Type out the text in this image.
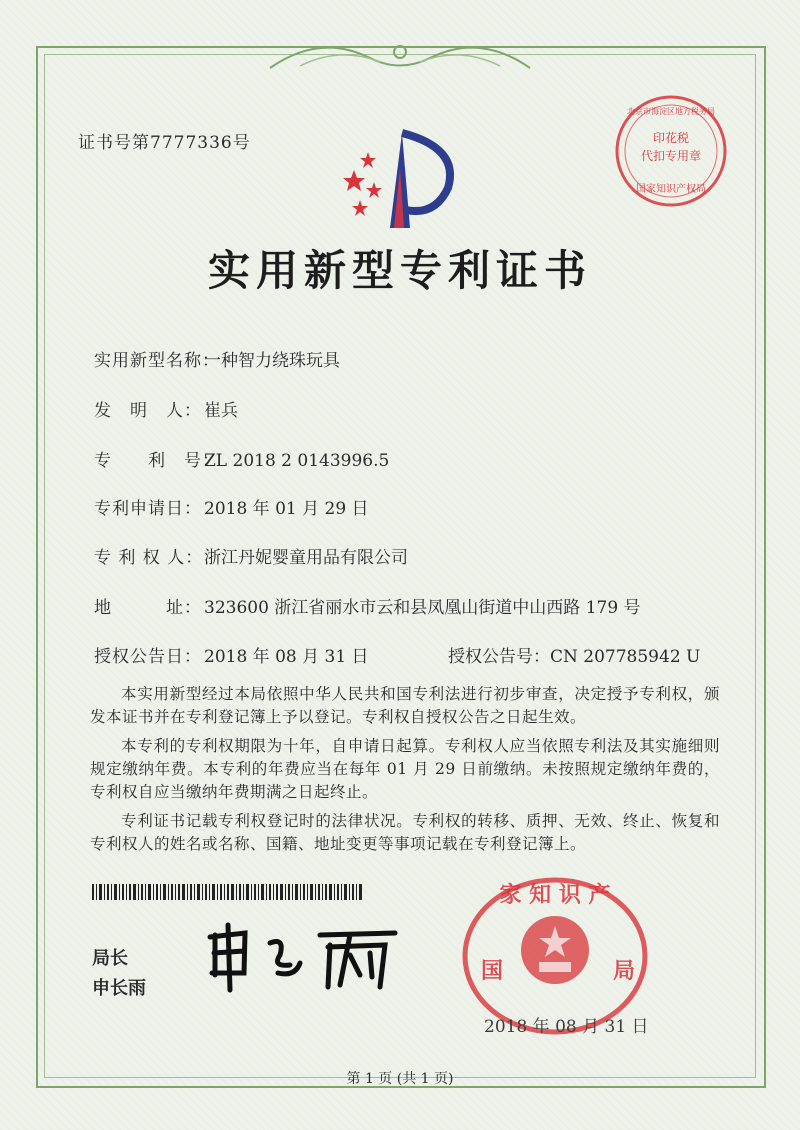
证书号第7777336号
实用新型专利证书
实用新型名称：一种智力绕珠玩具
发　明　人： 崔兵
专　　利　号：ZL 2018 2 0143996.5
专利申请日： 2018 年 01 月 29 日
专 利 权 人：浙江丹妮婴童用品有限公司
地　　　址： 323600 浙江省丽水市云和县凤凰山街道中山西路 179 号
授权公告日： 2018 年 08 月 31 日	授权公告号：CN 207785942 U

本实用新型经过本局依照中华人民共和国专利法进行初步审查，决定授予专利权，颁发本证书并在专利登记簿上予以登记。专利权自授权公告之日起生效。

本专利的专利权期限为十年，自申请日起算。专利权人应当依照专利法及其实施细则规定缴纳年费。本专利的年费应当在每年 01 月 29 日前缴纳。未按照规定缴纳年费的，专利权自应当缴纳年费期满之日起终止。

专利证书记载专利权登记时的法律状况。专利权的转移、质押、无效、终止、恢复和专利权人的姓名或名称、国籍、地址变更等事项记载在专利登记簿上。

局长
申长雨
家 知 识 产
国	局
2018 年 08 月 31 日
印花税
代扣专用章
北京市海淀区地方税务局
国家知识产权局
第 1 页 (共 1 页)
